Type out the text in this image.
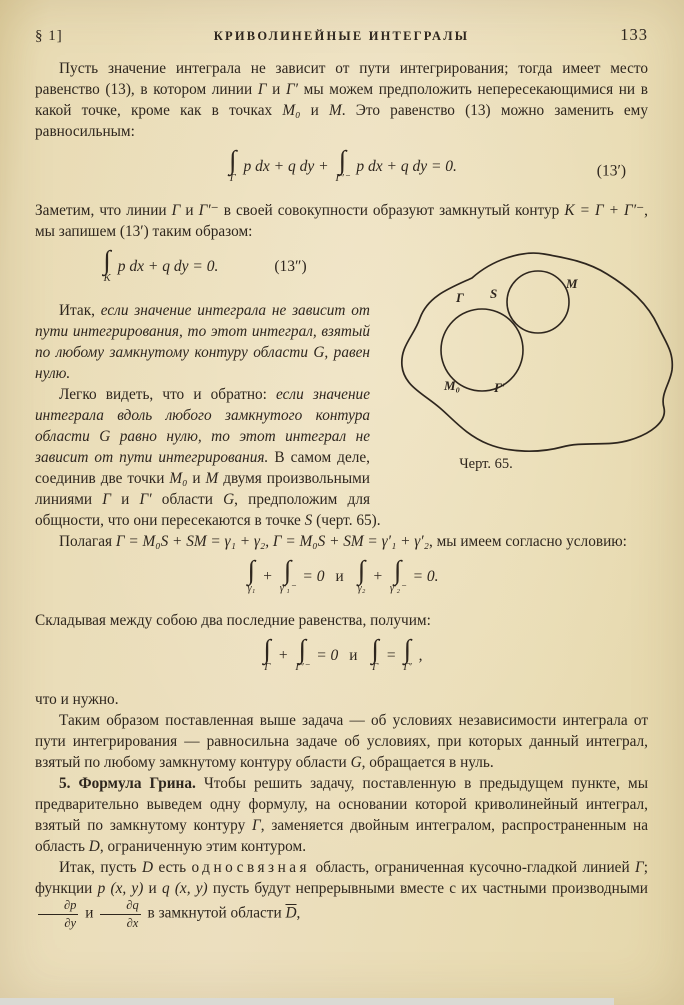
§ 1]	КРИВОЛИНЕЙНЫЕ ИНТЕГРАЛЫ	133

Пусть значение интеграла не зависит от пути интегрирования; тогда имеет место равенство (13), в котором линии Γ и Γ′ мы можем предположить непересекающимися ни в какой точке, кроме как в точках M₀ и M. Это равенство (13) можно заменить ему равносильным:

∫
Γ
p dx + q dy + ∫
Γ′⁻
p dx + q dy = 0.	(13′)

Заметим, что линии Γ и Γ′⁻ в своей совокупности образуют замкнутый контур K = Γ + Γ′⁻, мы запишем (13′) таким образом:

Γ S
M
M₀	Γ′
Черт. 65.
∫
K
p dx + q dy = 0.	(13″)

Итак, если значение интеграла не зависит от пути интегрирования, то этот интеграл, взятый по любому замкнутому контуру области G, равен нулю.

Легко видеть, что и обратно: если значение интеграла вдоль любого замкнутого контура области G равно нулю, то этот интеграл не зависит от пути интегрирования. В самом деле, соединив две точки M₀ и M двумя произвольными линиями Γ и Γ′ области G, предположим для общности, что они пересекаются в точке S (черт. 65).

Полагая Γ = M₀S + SM = γ₁ + γ₂, Γ = M₀S + SM = γ′₁ + γ′₂, мы имеем согласно условию:

∫
γ₁
+ ∫
γ′₁⁻
= 0 и ∫
γ₂
+ ∫
γ′₂⁻
= 0.

Складывая между собою два последние равенства, получим:

∫
Γ
+ ∫
Γ′⁻
= 0 и ∫
Γ
= ∫
Γ′
,

что и нужно.

Таким образом поставленная выше задача — об условиях независимости интеграла от пути интегрирования — равносильна задаче об условиях, при которых данный интеграл, взятый по любому замкнутому контуру области G, обращается в нуль.

5. Формула Грина. Чтобы решить задачу, поставленную в предыдущем пункте, мы предварительно выведем одну формулу, на основании которой криволинейный интеграл, взятый по замкнутому контуру Γ, заменяется двойным интегралом, распространенным на область D, ограниченную этим контуром.

Итак, пусть D есть односвязная область, ограниченная кусочно-гладкой линией Γ; функции p (x, y) и q (x, y) пусть будут непрерывными вместе с их частными производными
$\frac{\partial p}{\partial y}$ и $\frac{\partial q}{\partial x}$ в замкнутой области $\overline{D}$,
